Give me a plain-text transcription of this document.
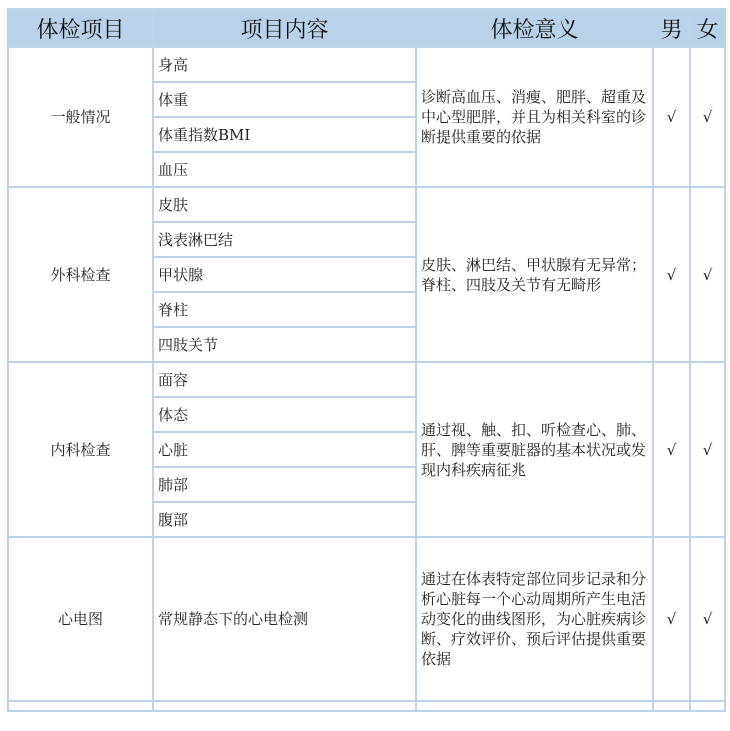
体检项目	项目内容	体检意义	男	女
一般情况	身高	诊断高血压、消瘦、肥胖、超重及中心型肥胖，并且为相关科室的诊断提供重要的依据	√	√
	体重			
	体重指数BMI			
	血压			
外科检查	皮肤	皮肤、淋巴结、甲状腺有无异常；脊柱、四肢及关节有无畸形	√	√
	浅表淋巴结			
	甲状腺			
	脊柱			
	四肢关节			
内科检查	面容	通过视、触、扣、听检查心、肺、肝、脾等重要脏器的基本状况或发现内科疾病征兆	√	√
	体态			
	心脏			
	肺部			
	腹部			
心电图	常规静态下的心电检测	通过在体表特定部位同步记录和分析心脏每一个心动周期所产生电活动变化的曲线图形，为心脏疾病诊断、疗效评价、预后评估提供重要依据	√	√
